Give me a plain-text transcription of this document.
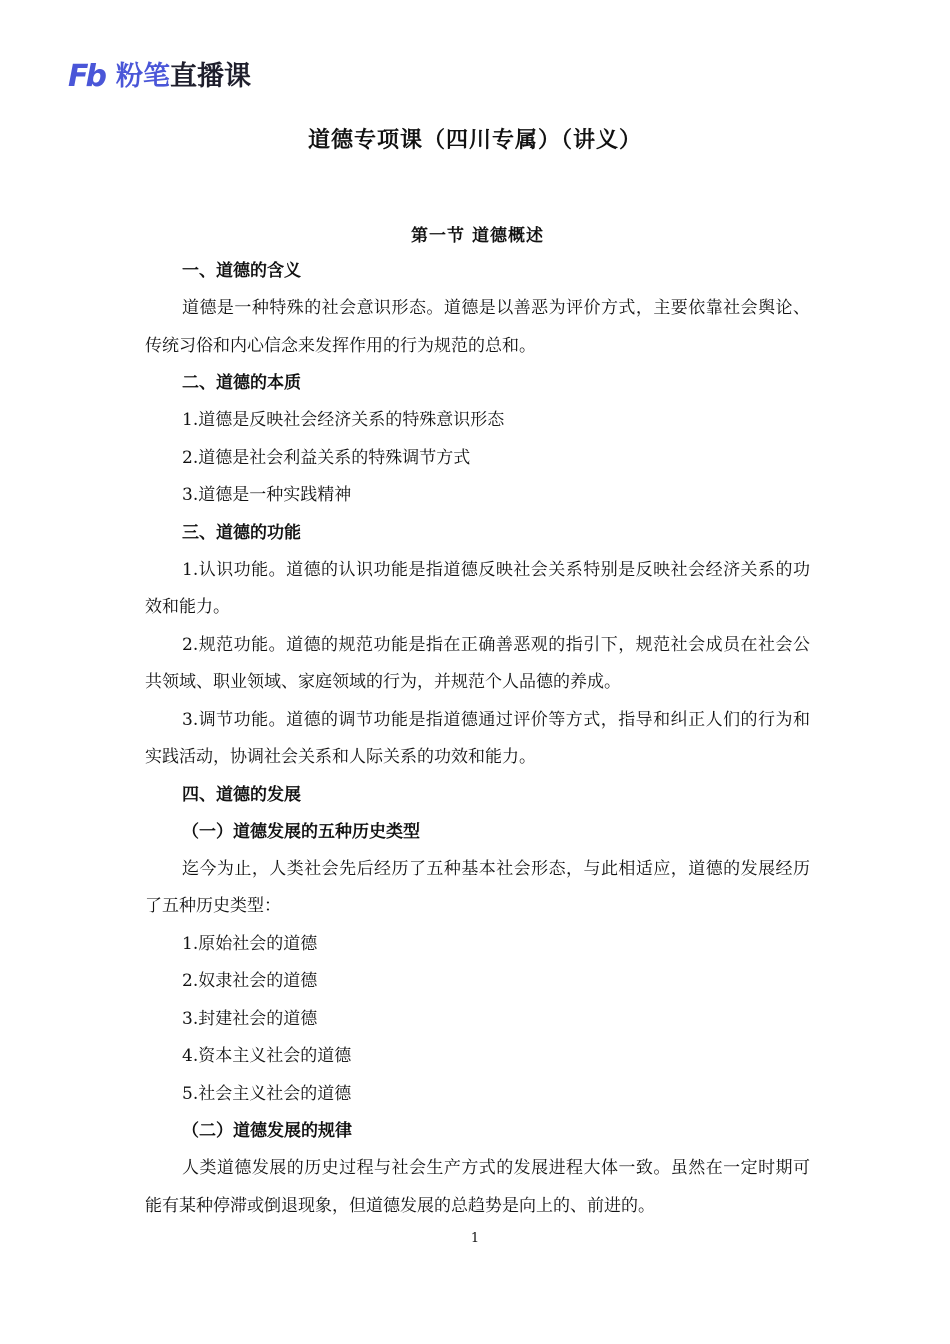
Fb 粉笔直播课
道德专项课（四川专属）（讲义）

第一节 道德概述

一、道德的含义

道德是一种特殊的社会意识形态。道德是以善恶为评价方式，主要依靠社会舆论、传统习俗和内心信念来发挥作用的行为规范的总和。

二、道德的本质

1.道德是反映社会经济关系的特殊意识形态

2.道德是社会利益关系的特殊调节方式

3.道德是一种实践精神

三、道德的功能

1.认识功能。道德的认识功能是指道德反映社会关系特别是反映社会经济关系的功效和能力。

2.规范功能。道德的规范功能是指在正确善恶观的指引下，规范社会成员在社会公共领域、职业领域、家庭领域的行为，并规范个人品德的养成。

3.调节功能。道德的调节功能是指道德通过评价等方式，指导和纠正人们的行为和实践活动，协调社会关系和人际关系的功效和能力。

四、道德的发展

（一）道德发展的五种历史类型

迄今为止，人类社会先后经历了五种基本社会形态，与此相适应，道德的发展经历了五种历史类型：

1.原始社会的道德

2.奴隶社会的道德

3.封建社会的道德

4.资本主义社会的道德

5.社会主义社会的道德

（二）道德发展的规律

人类道德发展的历史过程与社会生产方式的发展进程大体一致。虽然在一定时期可能有某种停滞或倒退现象，但道德发展的总趋势是向上的、前进的。

1
